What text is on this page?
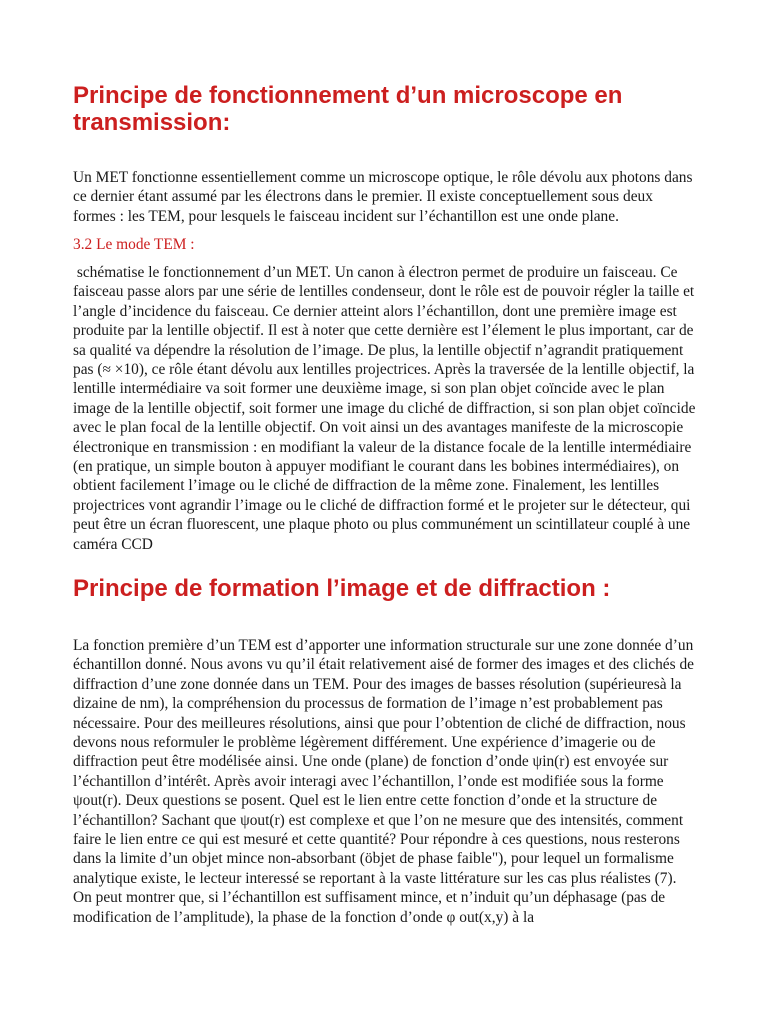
Principe de fonctionnement d’un microscope en transmission:

Un MET fonctionne essentiellement comme un microscope optique, le rôle dévolu aux photons dans ce dernier étant assumé par les électrons dans le premier. Il existe conceptuellement sous deux formes : les TEM, pour lesquels le faisceau incident sur l’échantillon est une onde plane.

3.2 Le mode TEM :

schématise le fonctionnement d’un MET. Un canon à électron permet de produire un faisceau. Ce faisceau passe alors par une série de lentilles condenseur, dont le rôle est de pouvoir régler la taille et l’angle d’incidence du faisceau. Ce dernier atteint alors l’échantillon, dont une première image est produite par la lentille objectif. Il est à noter que cette dernière est l’élement le plus important, car de sa qualité va dépendre la résolution de l’image. De plus, la lentille objectif n’agrandit pratiquement pas (≈ ×10), ce rôle étant dévolu aux lentilles projectrices. Après la traversée de la lentille objectif, la lentille intermédiaire va soit former une deuxième image, si son plan objet coïncide avec le plan image de la lentille objectif, soit former une image du cliché de diffraction, si son plan objet coïncide avec le plan focal de la lentille objectif. On voit ainsi un des avantages manifeste de la microscopie électronique en transmission : en modifiant la valeur de la distance focale de la lentille intermédiaire (en pratique, un simple bouton à appuyer modifiant le courant dans les bobines intermédiaires), on obtient facilement l’image ou le cliché de diffraction de la même zone. Finalement, les lentilles projectrices vont agrandir l’image ou le cliché de diffraction formé et le projeter sur le détecteur, qui peut être un écran fluorescent, une plaque photo ou plus communément un scintillateur couplé à une caméra CCD

Principe de formation l’image et de diffraction :

La fonction première d’un TEM est d’apporter une information structurale sur une zone donnée d’un échantillon donné. Nous avons vu qu’il était relativement aisé de former des images et des clichés de diffraction d’une zone donnée dans un TEM. Pour des images de basses résolution (supérieuresà la dizaine de nm), la compréhension du processus de formation de l’image n’est probablement pas nécessaire. Pour des meilleures résolutions, ainsi que pour l’obtention de cliché de diffraction, nous devons nous reformuler le problème légèrement différement. Une expérience d’imagerie ou de diffraction peut être modélisée ainsi. Une onde (plane) de fonction d’onde ψin(r) est envoyée sur l’échantillon d’intérêt. Après avoir interagi avec l’échantillon, l’onde est modifiée sous la forme ψout(r). Deux questions se posent. Quel est le lien entre cette fonction d’onde et la structure de l’échantillon? Sachant que ψout(r) est complexe et que l’on ne mesure que des intensités, comment faire le lien entre ce qui est mesuré et cette quantité? Pour répondre à ces questions, nous resterons dans la limite d’un objet mince non-absorbant (öbjet de phase faible"), pour lequel un formalisme analytique existe, le lecteur interessé se reportant à la vaste littérature sur les cas plus réalistes (7). On peut montrer que, si l’échantillon est suffisament mince, et n’induit qu’un déphasage (pas de modification de l’amplitude), la phase de la fonction d’onde φ out(x,y) à la
